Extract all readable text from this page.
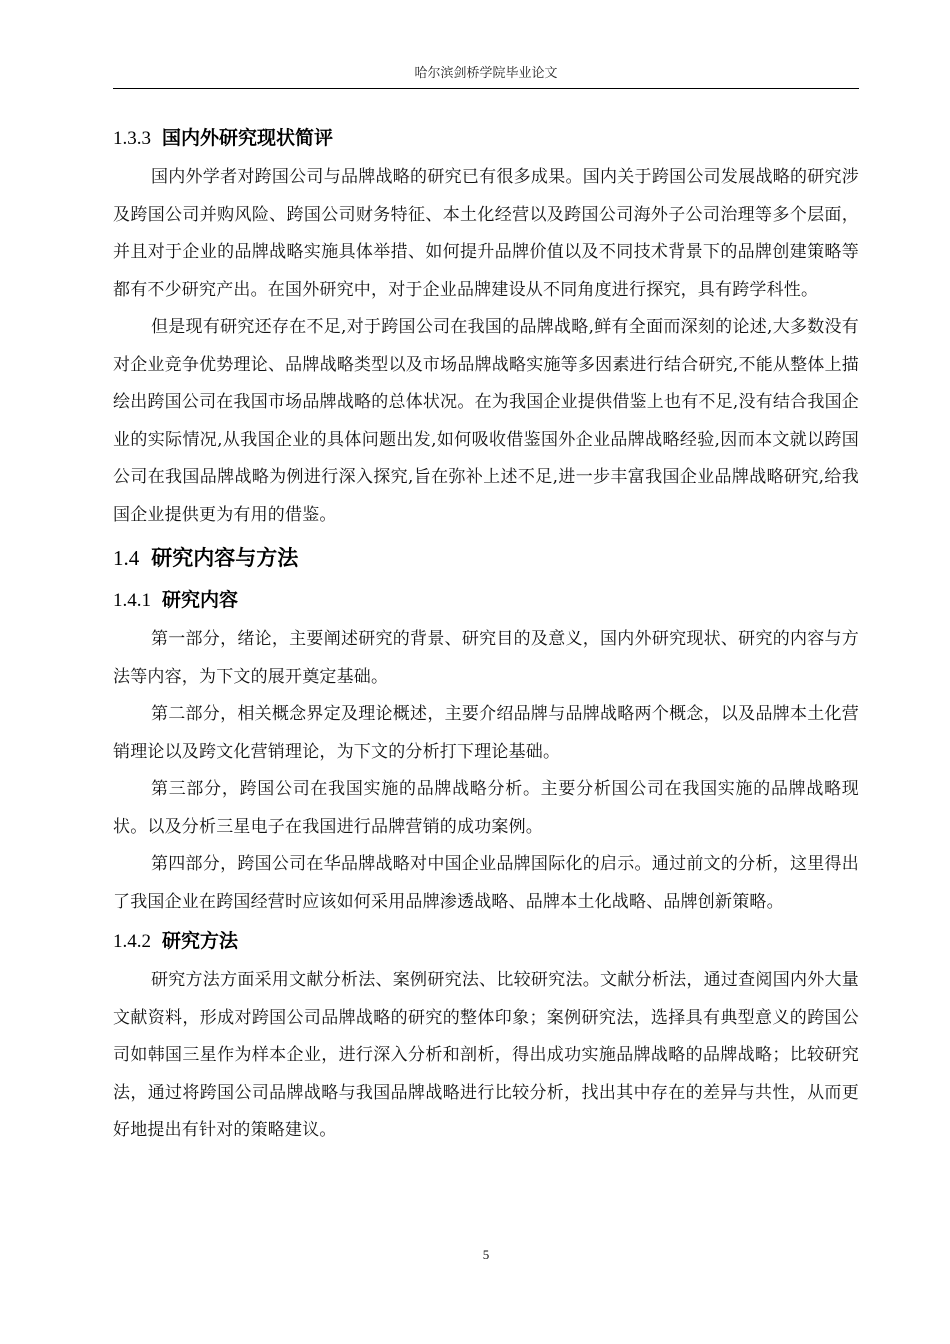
哈尔滨剑桥学院毕业论文
1.3.3 国内外研究现状简评

国内外学者对跨国公司与品牌战略的研究已有很多成果。国内关于跨国公司发展战略的研究涉及跨国公司并购风险、跨国公司财务特征、本土化经营以及跨国公司海外子公司治理等多个层面，并且对于企业的品牌战略实施具体举措、如何提升品牌价值以及不同技术背景下的品牌创建策略等都有不少研究产出。在国外研究中，对于企业品牌建设从不同角度进行探究，具有跨学科性。

但是现有研究还存在不足,对于跨国公司在我国的品牌战略,鲜有全面而深刻的论述,大多数没有对企业竞争优势理论、品牌战略类型以及市场品牌战略实施等多因素进行结合研究,不能从整体上描绘出跨国公司在我国市场品牌战略的总体状况。在为我国企业提供借鉴上也有不足,没有结合我国企业的实际情况,从我国企业的具体问题出发,如何吸收借鉴国外企业品牌战略经验,因而本文就以跨国公司在我国品牌战略为例进行深入探究,旨在弥补上述不足,进一步丰富我国企业品牌战略研究,给我国企业提供更为有用的借鉴。

1.4 研究内容与方法
1.4.1 研究内容

第一部分，绪论，主要阐述研究的背景、研究目的及意义，国内外研究现状、研究的内容与方法等内容，为下文的展开奠定基础。

第二部分，相关概念界定及理论概述，主要介绍品牌与品牌战略两个概念，以及品牌本土化营销理论以及跨文化营销理论，为下文的分析打下理论基础。

第三部分，跨国公司在我国实施的品牌战略分析。主要分析国公司在我国实施的品牌战略现状。以及分析三星电子在我国进行品牌营销的成功案例。

第四部分，跨国公司在华品牌战略对中国企业品牌国际化的启示。通过前文的分析，这里得出了我国企业在跨国经营时应该如何采用品牌渗透战略、品牌本土化战略、品牌创新策略。

1.4.2 研究方法

研究方法方面采用文献分析法、案例研究法、比较研究法。文献分析法，通过查阅国内外大量文献资料，形成对跨国公司品牌战略的研究的整体印象；案例研究法，选择具有典型意义的跨国公司如韩国三星作为样本企业，进行深入分析和剖析，得出成功实施品牌战略的品牌战略；比较研究法，通过将跨国公司品牌战略与我国品牌战略进行比较分析，找出其中存在的差异与共性，从而更好地提出有针对的策略建议。

5
